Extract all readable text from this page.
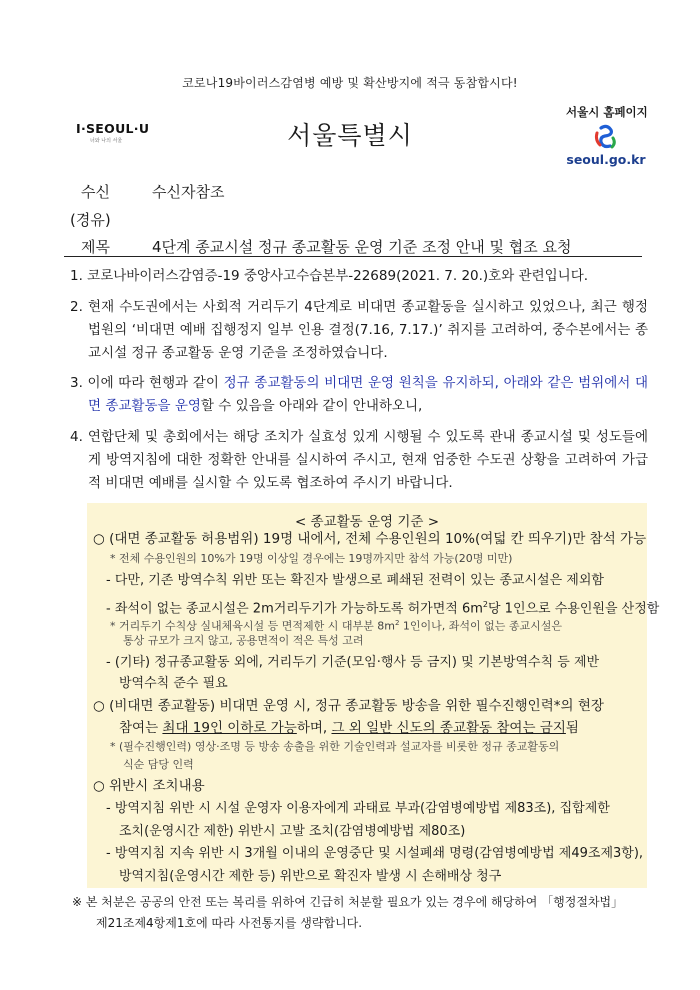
코로나19바이러스감염병 예방 및 확산방지에 적극 동참합시다!
I·SEOUL·U
너와 나의 서울	서울특별시
서울시 홈페이지
seoul.go.kr
수신	수신자참조
(경유)
제목	4단계 종교시설 정규 종교활동 운영 기준 조정 안내 및 협조 요청
1. 코로나바이러스감염증-19 중앙사고수습본부-22689(2021. 7. 20.)호와 관련입니다.
2. 현재 수도권에서는 사회적 거리두기 4단계로 비대면 종교활동을 실시하고 있었으나, 최근 행정법원의 ‘비대면 예배 집행정지 일부 인용 결정(7.16, 7.17.)’ 취지를 고려하여, 중수본에서는 종교시설 정규 종교활동 운영 기준을 조정하였습니다.
3. 이에 따라 현행과 같이 정규 종교활동의 비대면 운영 원칙을 유지하되, 아래와 같은 범위에서 대면 종교활동을 운영할 수 있음을 아래와 같이 안내하오니,
4. 연합단체 및 총회에서는 해당 조치가 실효성 있게 시행될 수 있도록 관내 종교시설 및 성도들에게 방역지침에 대한 정확한 안내를 실시하여 주시고, 현재 엄중한 수도권 상황을 고려하여 가급적 비대면 예배를 실시할 수 있도록 협조하여 주시기 바랍니다.
< 종교활동 운영 기준 >
○ (대면 종교활동 허용범위) 19명 내에서, 전체 수용인원의 10%(여덟 칸 띄우기)만 참석 가능
* 전체 수용인원의 10%가 19명 이상일 경우에는 19명까지만 참석 가능(20명 미만)
- 다만, 기존 방역수칙 위반 또는 확진자 발생으로 폐쇄된 전력이 있는 종교시설은 제외함
- 좌석이 없는 종교시설은 2m거리두기가 가능하도록 허가면적 $6m^2$당 1인으로 수용인원을 산정함
* 거리두기 수칙상 실내체육시설 등 면적제한 시 대부분 $8m^2$ 1인이나, 좌석이 없는 종교시설은
통상 규모가 크지 않고, 공용면적이 적은 특성 고려
- (기타) 정규종교활동 외에, 거리두기 기준(모임·행사 등 금지) 및 기본방역수칙 등 제반
방역수칙 준수 필요
○ (비대면 종교활동) 비대면 운영 시, 정규 종교활동 방송을 위한 필수진행인력*의 현장
참여는 최대 19인 이하로 가능하며, 그 외 일반 신도의 종교활동 참여는 금지됨
* (필수진행인력) 영상·조명 등 방송 송출을 위한 기술인력과 설교자를 비롯한 정규 종교활동의
식순 담당 인력
○ 위반시 조치내용
- 방역지침 위반 시 시설 운영자 이용자에게 과태료 부과(감염병예방법 제83조), 집합제한
조치(운영시간 제한) 위반시 고발 조치(감염병예방법 제80조)
- 방역지침 지속 위반 시 3개월 이내의 운영중단 및 시설폐쇄 명령(감염병예방법 제49조제3항),
방역지침(운영시간 제한 등) 위반으로 확진자 발생 시 손해배상 청구
※ 본 처분은 공공의 안전 또는 복리를 위하여 긴급히 처분할 필요가 있는 경우에 해당하여 「행정절차법」
제21조제4항제1호에 따라 사전통지를 생략합니다.
